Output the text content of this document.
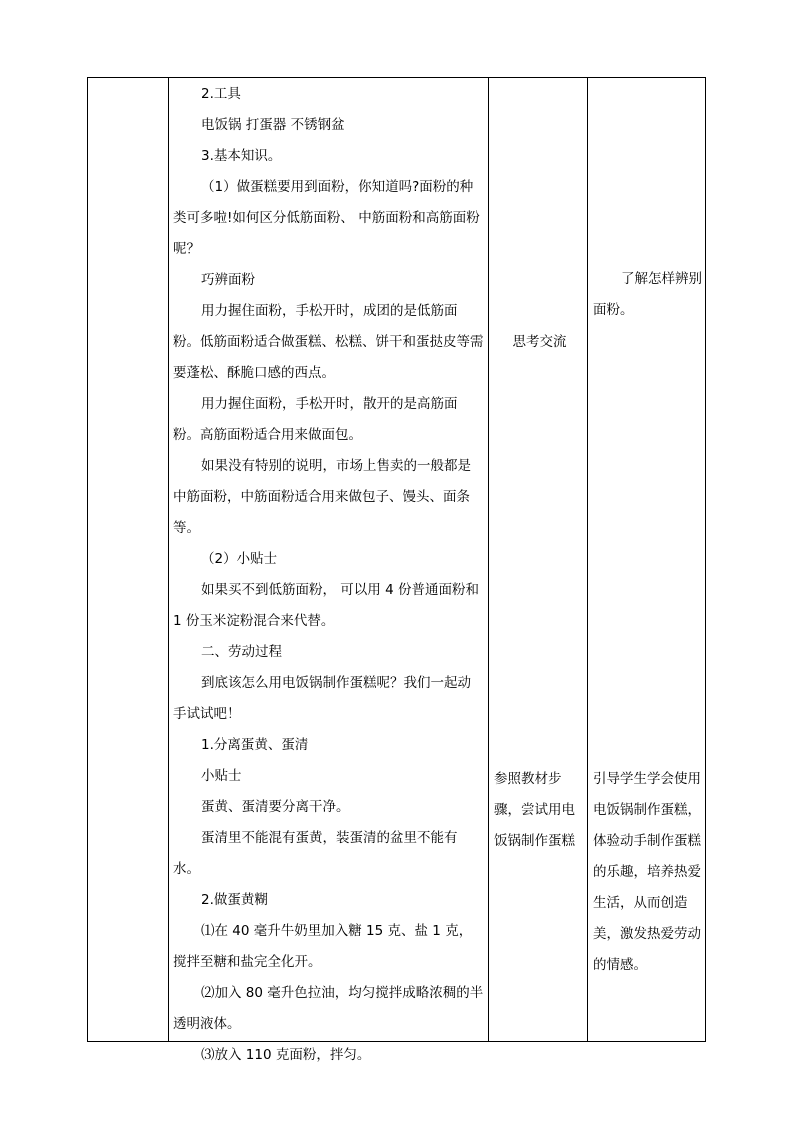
2.工具

电饭锅 打蛋器 不锈钢盆

3.基本知识。

（1）做蛋糕要用到面粉，你知道吗?面粉的种类可多啦!如何区分低筋面粉、 中筋面粉和高筋面粉呢？

巧辨面粉

用力握住面粉，手松开时，成团的是低筋面粉。低筋面粉适合做蛋糕、松糕、饼干和蛋挞皮等需要蓬松、酥脆口感的西点。

用力握住面粉，手松开时，散开的是高筋面粉。高筋面粉适合用来做面包。

如果没有特别的说明，市场上售卖的一般都是中筋面粉，中筋面粉适合用来做包子、馒头、面条等。

（2）小贴士

如果买不到低筋面粉， 可以用 4 份普通面粉和 1 份玉米淀粉混合来代替。

二、劳动过程

到底该怎么用电饭锅制作蛋糕呢？我们一起动手试试吧！

1.分离蛋黄、蛋清

小贴士

蛋黄、蛋清要分离干净。

蛋清里不能混有蛋黄，装蛋清的盆里不能有水。

2.做蛋黄糊

⑴在 40 毫升牛奶里加入糖 15 克、盐 1 克，搅拌至糖和盐完全化开。

⑵加入 80 毫升色拉油，均匀搅拌成略浓稠的半透明液体。

⑶放入 110 克面粉，拌匀。

思考交流

参照教材步骤，尝试用电饭锅制作蛋糕

了解怎样辨别面粉。

引导学生学会使用电饭锅制作蛋糕，体验动手制作蛋糕的乐趣，培养热爱生活，从而创造美，激发热爱劳动的情感。
